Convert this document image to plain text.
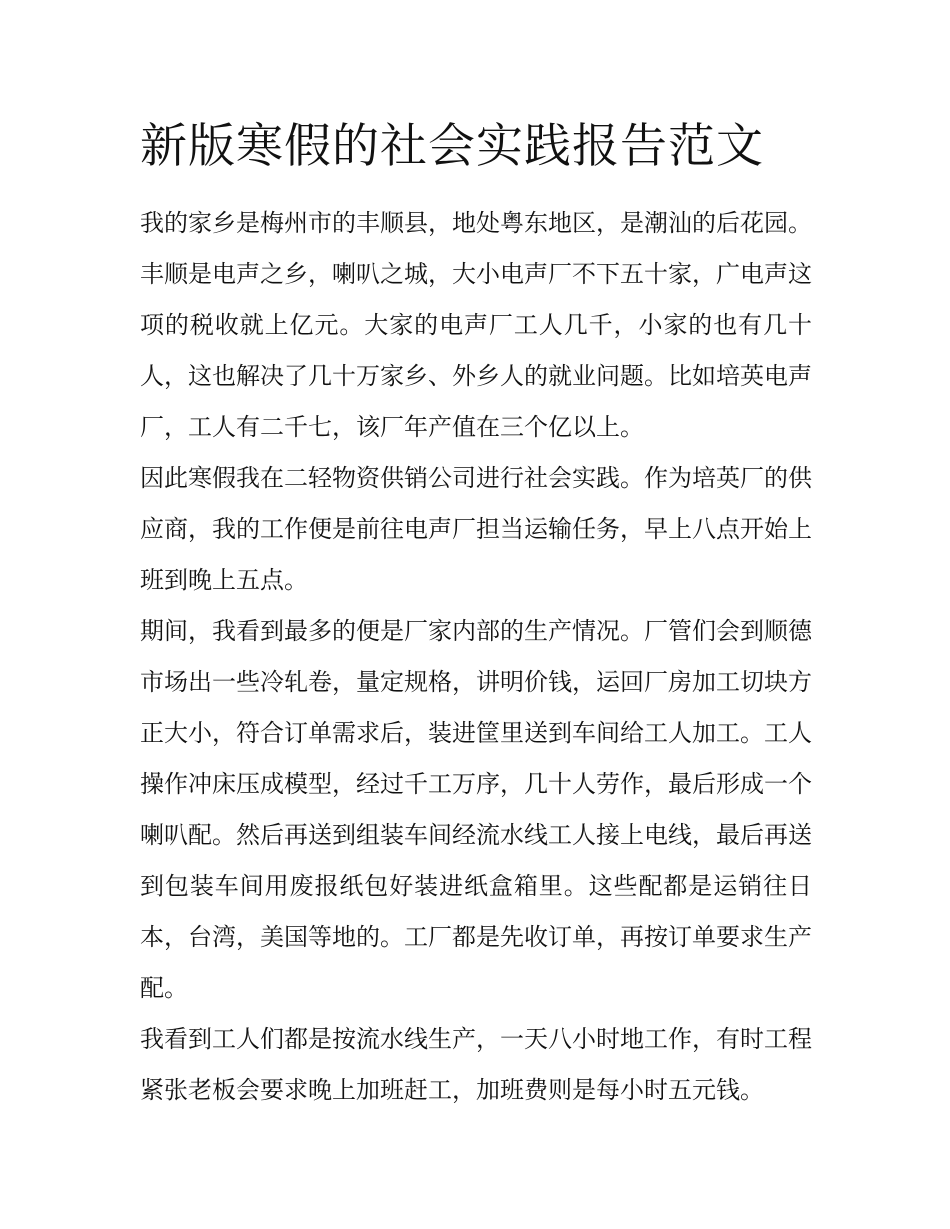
新版寒假的社会实践报告范文

我的家乡是梅州市的丰顺县，地处粤东地区，是潮汕的后花园。丰顺是电声之乡，喇叭之城，大小电声厂不下五十家，广电声这项的税收就上亿元。大家的电声厂工人几千，小家的也有几十人，这也解决了几十万家乡、外乡人的就业问题。比如培英电声厂，工人有二千七，该厂年产值在三个亿以上。

因此寒假我在二轻物资供销公司进行社会实践。作为培英厂的供应商，我的工作便是前往电声厂担当运输任务，早上八点开始上班到晚上五点。

期间，我看到最多的便是厂家内部的生产情况。厂管们会到顺德市场出一些冷轧卷，量定规格，讲明价钱，运回厂房加工切块方正大小，符合订单需求后，装进筐里送到车间给工人加工。工人操作冲床压成模型，经过千工万序，几十人劳作，最后形成一个喇叭配。然后再送到组装车间经流水线工人接上电线，最后再送到包装车间用废报纸包好装进纸盒箱里。这些配都是运销往日本，台湾，美国等地的。工厂都是先收订单，再按订单要求生产配。

我看到工人们都是按流水线生产，一天八小时地工作，有时工程紧张老板会要求晚上加班赶工，加班费则是每小时五元钱。
